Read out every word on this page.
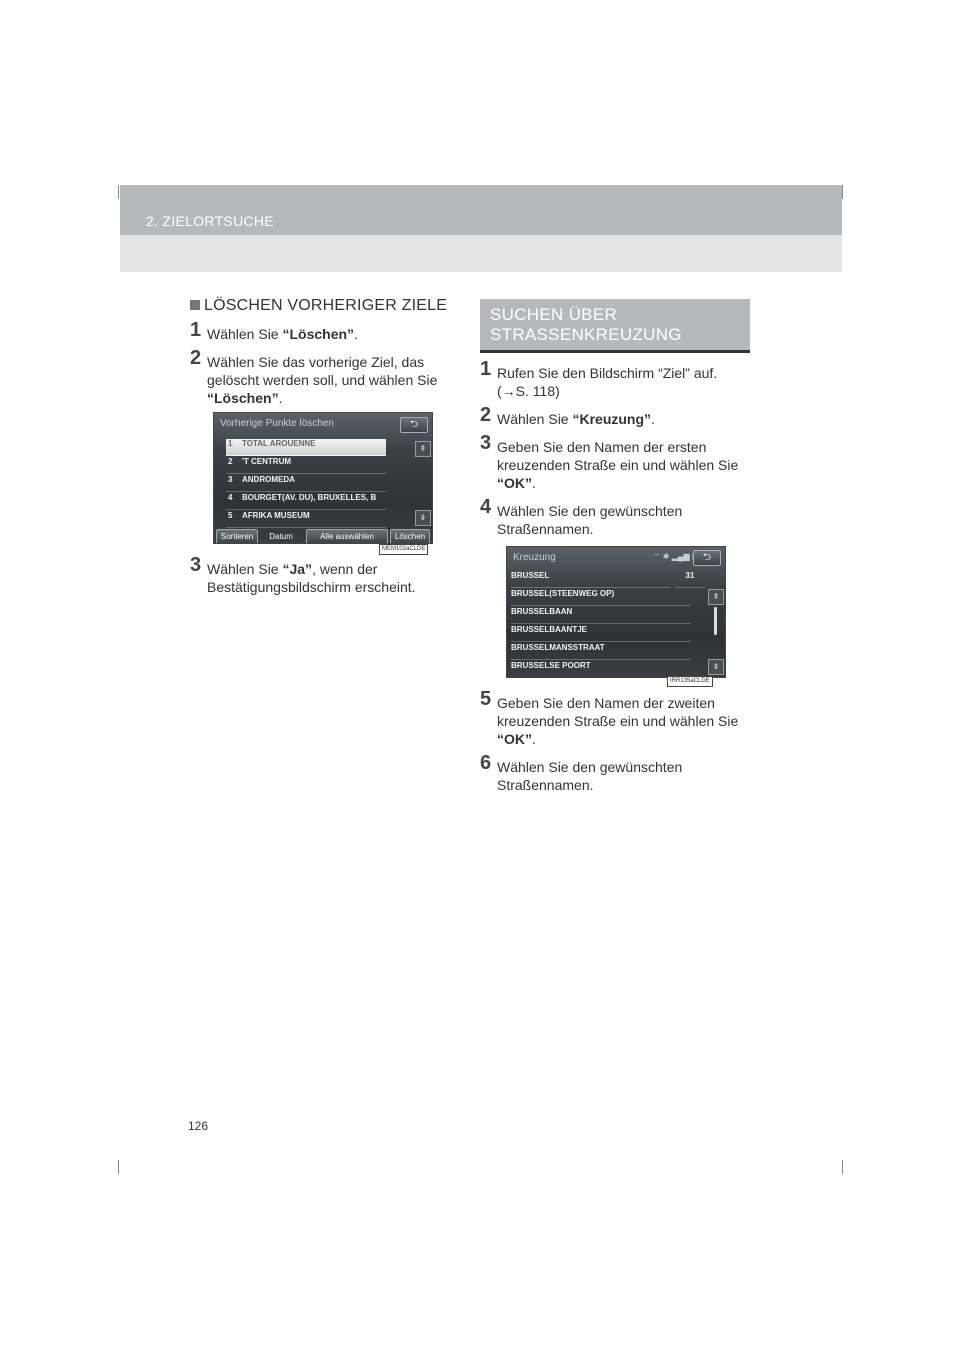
2. ZIELORTSUCHE
LÖSCHEN VORHERIGER ZIELE
1 Wählen Sie “Löschen”.
2 Wählen Sie das vorherige Ziel, das gelöscht werden soll, und wählen Sie “Löschen”.
Vorherige Punkte löschen	⮌
1 TOTAL AROUENNE
2 'T CENTRUM
3 ANDROMEDA
4 BOURGET(AV. DU), BRUXELLES, B
5 AFRIKA MUSEUM
⇞
⇟
Sortieren	Datum	Alle auswählen	Löschen
MEM102aCLDE
3 Wählen Sie “Ja”, wenn der Bestätigungsbildschirm erscheint.
SUCHEN ÜBER
STRASSENKREUZUNG
1 Rufen Sie den Bildschirm “Ziel” auf. (→S. 118)
2 Wählen Sie “Kreuzung”.
3 Geben Sie den Namen der ersten kreuzenden Straße ein und wählen Sie “OK”.
4 Wählen Sie den gewünschten Straßennamen.
Kreuzung	⌔ ✱ ▂▄▆	⮌
BRUSSEL	31
BRUSSEL(STEENWEG OP)
BRUSSELBAAN
BRUSSELBAANTJE
BRUSSELMANSSTRAAT
BRUSSELSE POORT
⇞
⇟
IRR135aCLDE
5 Geben Sie den Namen der zweiten kreuzenden Straße ein und wählen Sie “OK”.
6 Wählen Sie den gewünschten Straßennamen.
126
